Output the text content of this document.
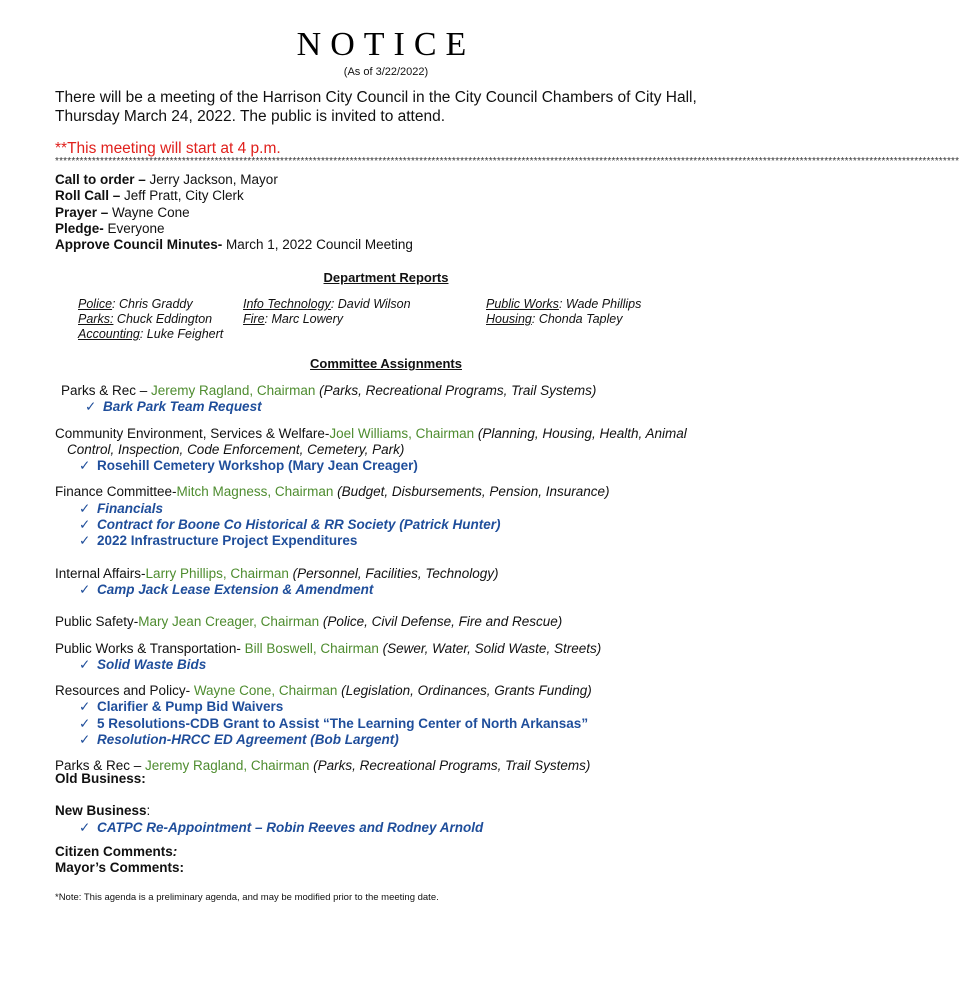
NOTICE
(As of 3/22/2022)
There will be a meeting of the Harrison City Council in the City Council Chambers of City Hall,
Thursday March 24, 2022. The public is invited to attend.
**This meeting will start at 4 p.m.
*****************************************************************************************************************************************************************************************************************************
Call to order – Jerry Jackson, Mayor
Roll Call – Jeff Pratt, City Clerk
Prayer – Wayne Cone
Pledge- Everyone
Approve Council Minutes- March 1, 2022 Council Meeting
Department Reports
Police: Chris Graddy
Parks: Chuck Eddington
Accounting: Luke Feighert
Info Technology: David Wilson
Fire: Marc Lowery
Public Works: Wade Phillips
Housing: Chonda Tapley
Committee Assignments
Parks & Rec – Jeremy Ragland, Chairman (Parks, Recreational Programs, Trail Systems)
✓ Bark Park Team Request
Community Environment, Services & Welfare-Joel Williams, Chairman (Planning, Housing, Health, Animal
Control, Inspection, Code Enforcement, Cemetery, Park)
✓ Rosehill Cemetery Workshop (Mary Jean Creager)
Finance Committee-Mitch Magness, Chairman (Budget, Disbursements, Pension, Insurance)
✓ Financials
✓ Contract for Boone Co Historical & RR Society (Patrick Hunter)
✓ 2022 Infrastructure Project Expenditures
Internal Affairs-Larry Phillips, Chairman (Personnel, Facilities, Technology)
✓ Camp Jack Lease Extension & Amendment
Public Safety-Mary Jean Creager, Chairman (Police, Civil Defense, Fire and Rescue)
Public Works & Transportation- Bill Boswell, Chairman (Sewer, Water, Solid Waste, Streets)
✓ Solid Waste Bids
Resources and Policy- Wayne Cone, Chairman (Legislation, Ordinances, Grants Funding)
✓ Clarifier & Pump Bid Waivers
✓ 5 Resolutions-CDB Grant to Assist “The Learning Center of North Arkansas”
✓ Resolution-HRCC ED Agreement (Bob Largent)
Parks & Rec – Jeremy Ragland, Chairman (Parks, Recreational Programs, Trail Systems)
Old Business:
New Business:
✓ CATPC Re-Appointment – Robin Reeves and Rodney Arnold
Citizen Comments:
Mayor’s Comments:
*Note: This agenda is a preliminary agenda, and may be modified prior to the meeting date.
